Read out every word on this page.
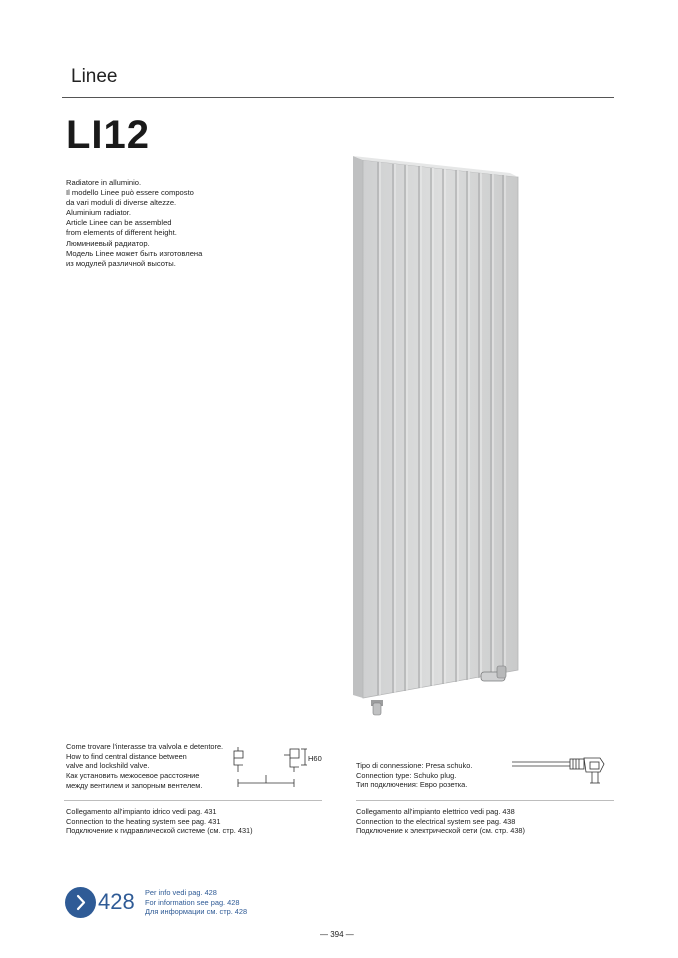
Linee
LI12
Radiatore in alluminio.
Il modello Linee può essere composto
da vari moduli di diverse altezze.
Aluminium radiator.
Article Linee can be assembled
from elements of different height.
Люминиевый радиатор.
Модель Linee может быть изготовлена
из модулей различной высоты.
Come trovare l'interasse tra valvola e detentore.
How to find central distance between
valve and lockshild valve.
Как установить межосевое расстояние
между вентилем и запорным вентелем.
H60
Tipo di connessione: Presa schuko.
Connection type: Schuko plug.
Тип подключения: Евро розетка.
Collegamento all'impianto idrico vedi pag. 431
Connection to the heating system see pag. 431
Подключение к гидравлической системе (см. стр. 431)
Collegamento all'impianto elettrico vedi pag. 438
Connection to the electrical system see pag. 438
Подключение к электрической сети (см. стр. 438)
428 Per info vedi pag. 428
For information see pag. 428
Для информации см. стр. 428
— 394 —
